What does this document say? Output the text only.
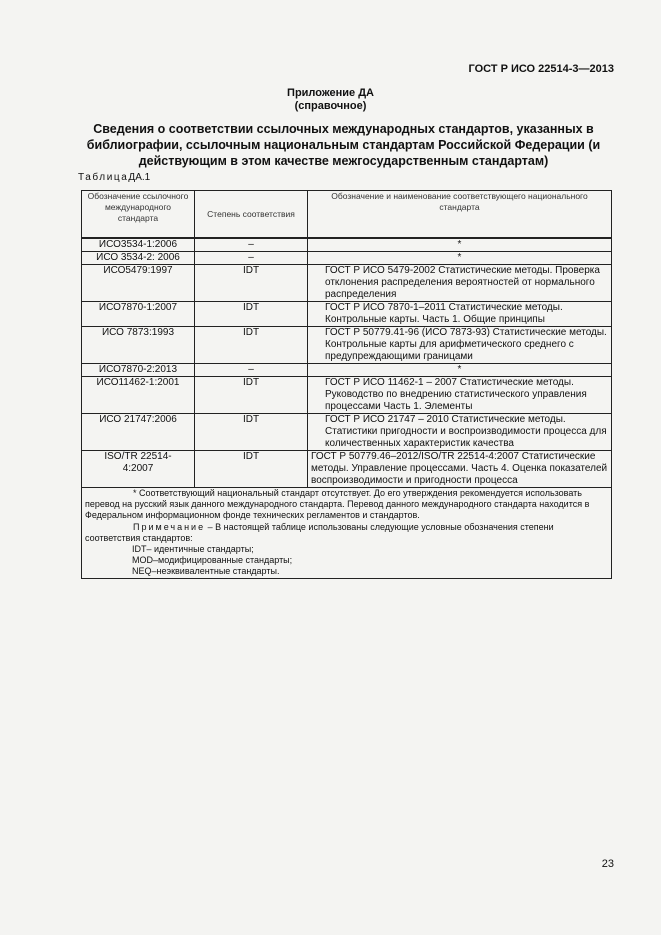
ГОСТ Р ИСО 22514-3—2013
Приложение ДА
(справочное)
Сведения о соответствии ссылочных международных стандартов, указанных в библиографии, ссылочным национальным стандартам Российской Федерации (и действующим в этом качестве межгосударственным стандартам)
ТаблицаДА.1
Обозначение ссылочного международного стандарта	Степень соответствия	Обозначение и наименование соответствующего национального стандарта
ИСО3534-1:2006	–	*
ИСО 3534-2: 2006	–	*
ИСО5479:1997	IDT	ГОСТ Р ИСО 5479-2002 Статистические методы. Проверка отклонения распределения вероятностей от нормального распределения

ИСО7870-1:2007	IDT	ГОСТ Р ИСО 7870-1–2011 Статистические методы. Контрольные карты. Часть 1. Общие принципы

ИСО 7873:1993	IDT	ГОСТ Р 50779.41-96 (ИСО 7873-93) Статистические методы. Контрольные карты для арифметического среднего с предупреждающими границами

ИСО7870-2:2013	–	*
ИСО11462-1:2001	IDT	ГОСТ Р ИСО 11462-1 – 2007 Статистические методы. Руководство по внедрению статистического управления процессами Часть 1. Элементы

ИСО 21747:2006	IDT	ГОСТ Р ИСО 21747 – 2010 Статистические методы. Статистики пригодности и воспроизводимости процесса для количественных характеристик качества

ISO/TR 22514-4:2007	IDT	ГОСТ Р 50779.46–2012/ISO/TR 22514-4:2007 Статистические методы. Управление процессами. Часть 4. Оценка показателей воспроизводимости и пригодности процесса

* Соответствующий национальный стандарт отсутствует. До его утверждения рекомендуется использовать перевод на русский язык данного международного стандарта. Перевод данного международного стандарта находится в Федеральном информационном фонде технических регламентов и стандартов.
Примечание – В настоящей таблице использованы следующие условные обозначения степени соответствия стандартов:
IDT– идентичные стандарты;
MOD–модифицированные стандарты;
NEQ–неэквивалентные стандарты.		
23
